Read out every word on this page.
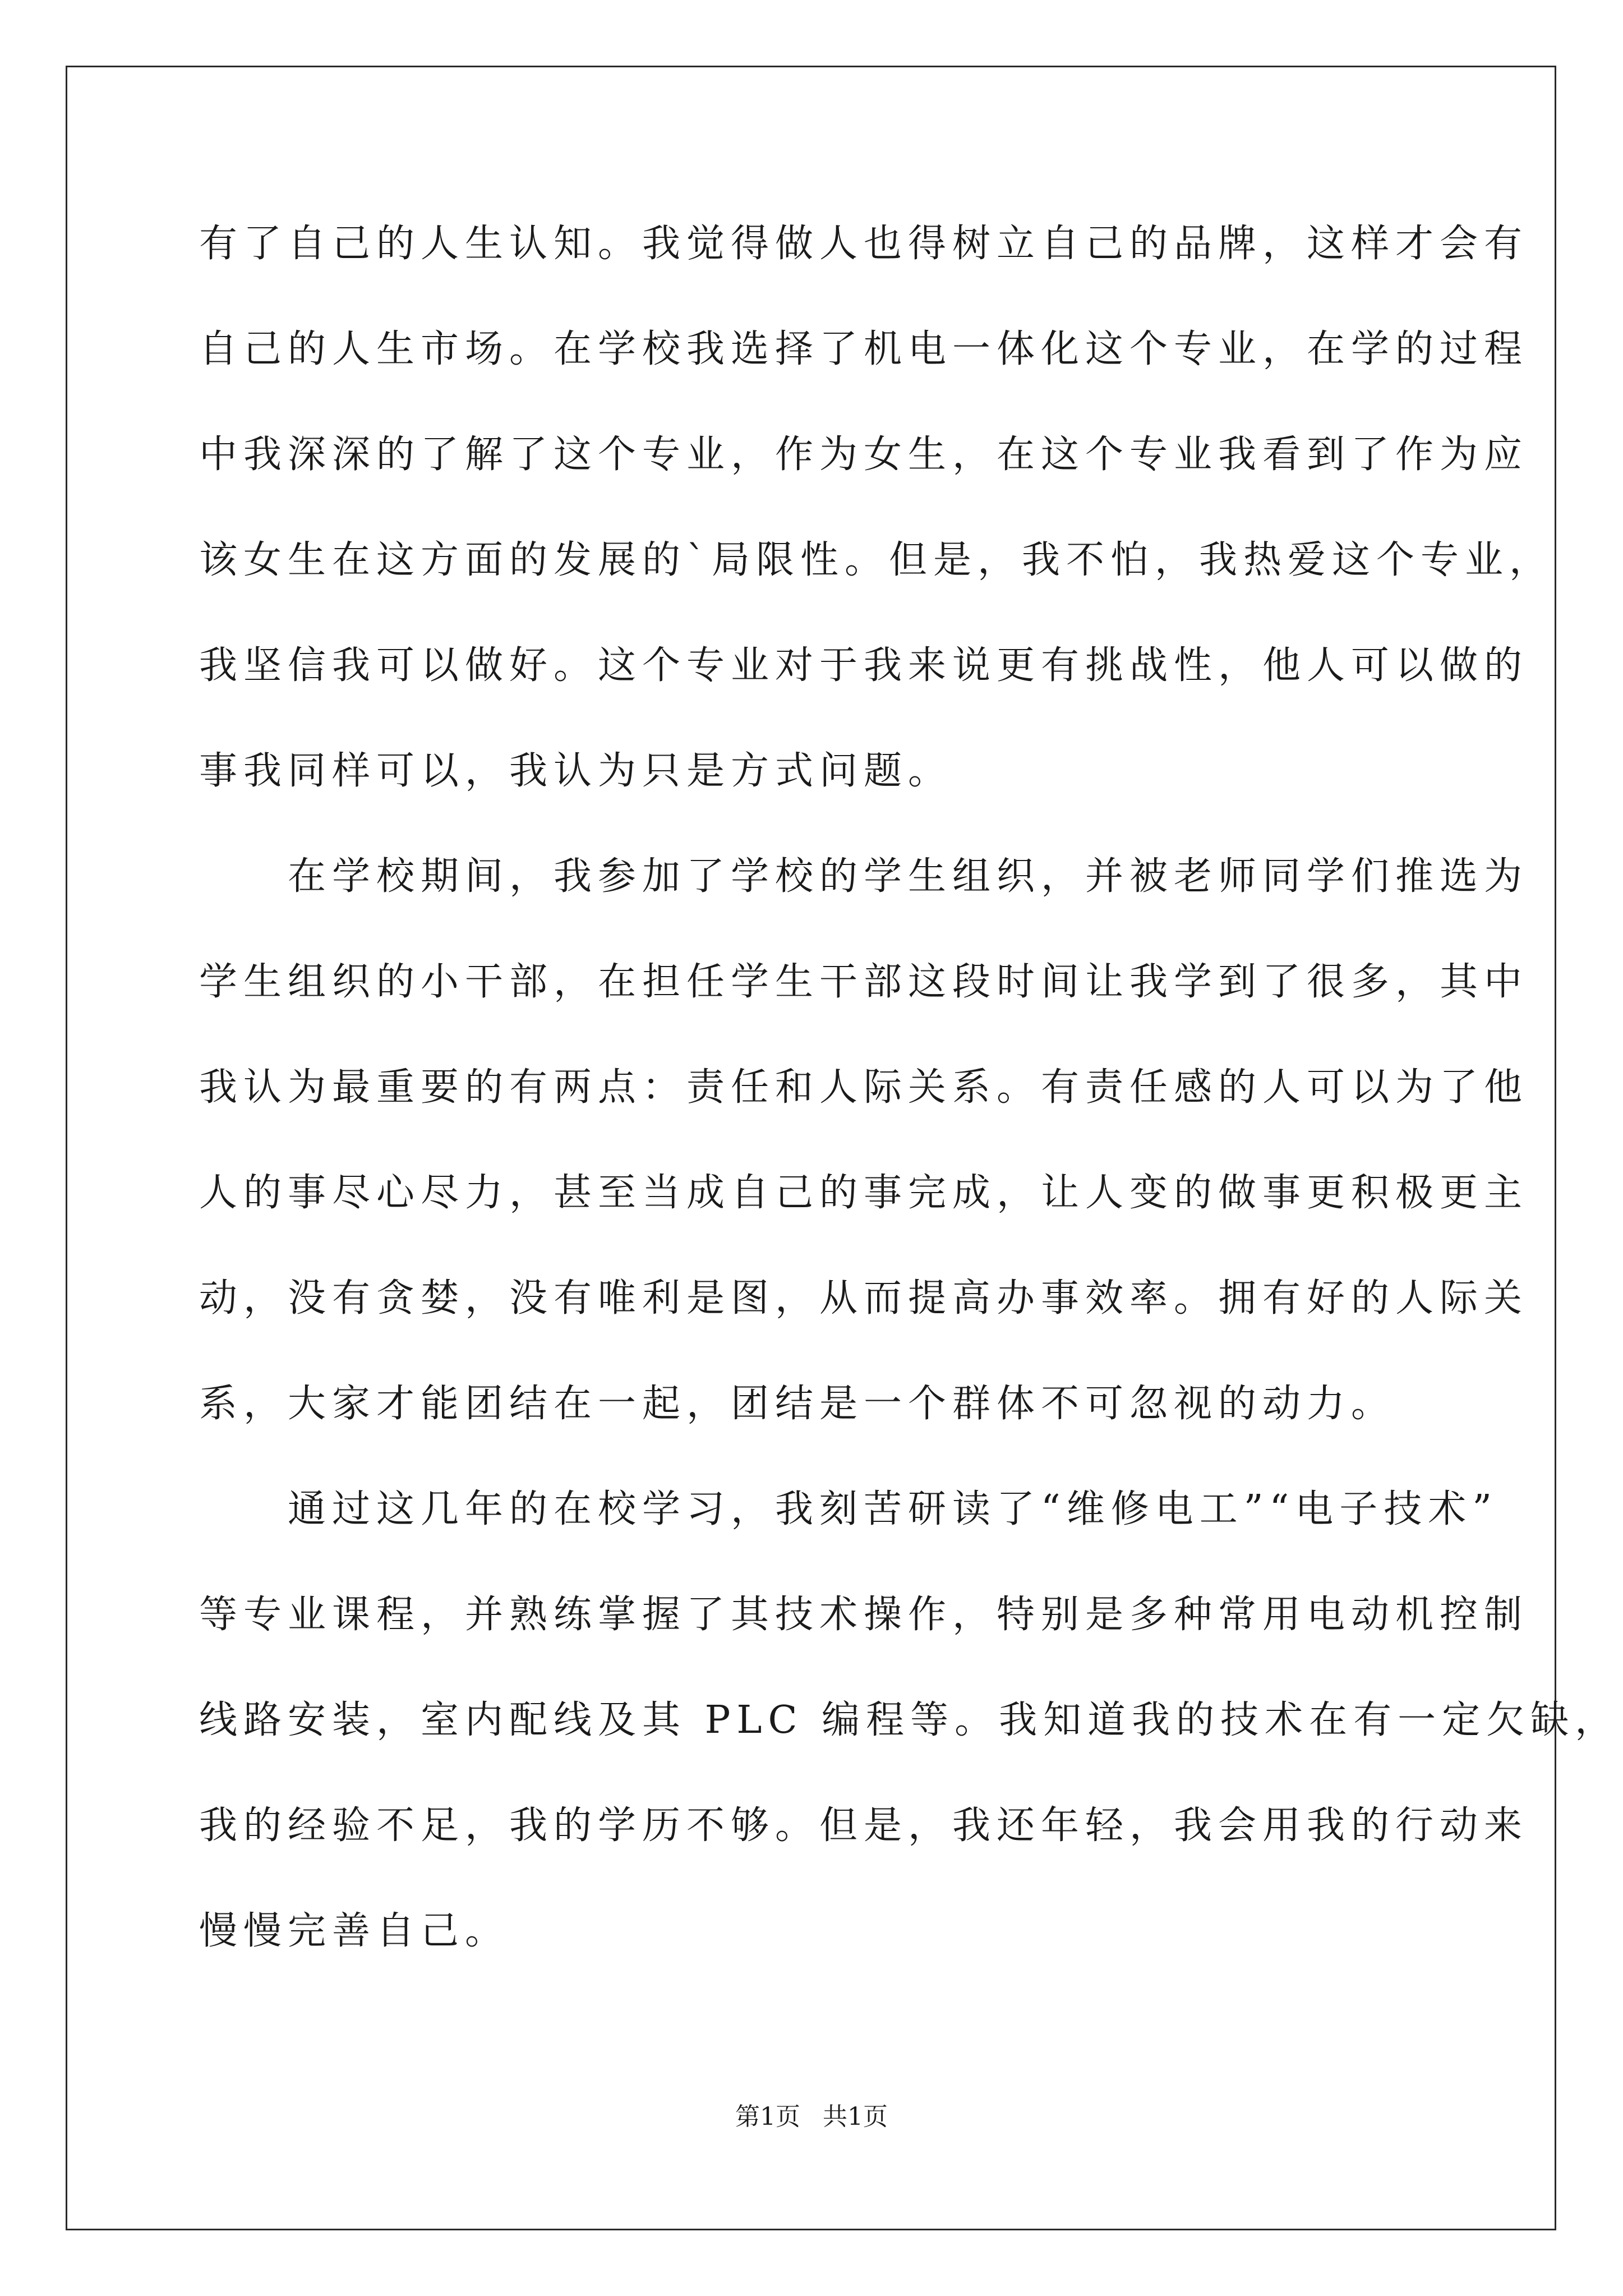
有了自己的人生认知。我觉得做人也得树立自己的品牌，这样才会有
自己的人生市场。在学校我选择了机电一体化这个专业，在学的过程
中我深深的了解了这个专业，作为女生，在这个专业我看到了作为应
该女生在这方面的发展的`局限性。但是，我不怕，我热爱这个专业，
我坚信我可以做好。这个专业对于我来说更有挑战性，他人可以做的
事我同样可以，我认为只是方式问题。
　　在学校期间，我参加了学校的学生组织，并被老师同学们推选为
学生组织的小干部，在担任学生干部这段时间让我学到了很多，其中
我认为最重要的有两点：责任和人际关系。有责任感的人可以为了他
人的事尽心尽力，甚至当成自己的事完成，让人变的做事更积极更主
动，没有贪婪，没有唯利是图，从而提高办事效率。拥有好的人际关
系，大家才能团结在一起，团结是一个群体不可忽视的动力。
　　通过这几年的在校学习，我刻苦研读了“维修电工”“电子技术”
等专业课程，并熟练掌握了其技术操作，特别是多种常用电动机控制
线路安装，室内配线及其 PLC 编程等。我知道我的技术在有一定欠缺，
我的经验不足，我的学历不够。但是，我还年轻，我会用我的行动来
慢慢完善自己。
第1页 共1页
